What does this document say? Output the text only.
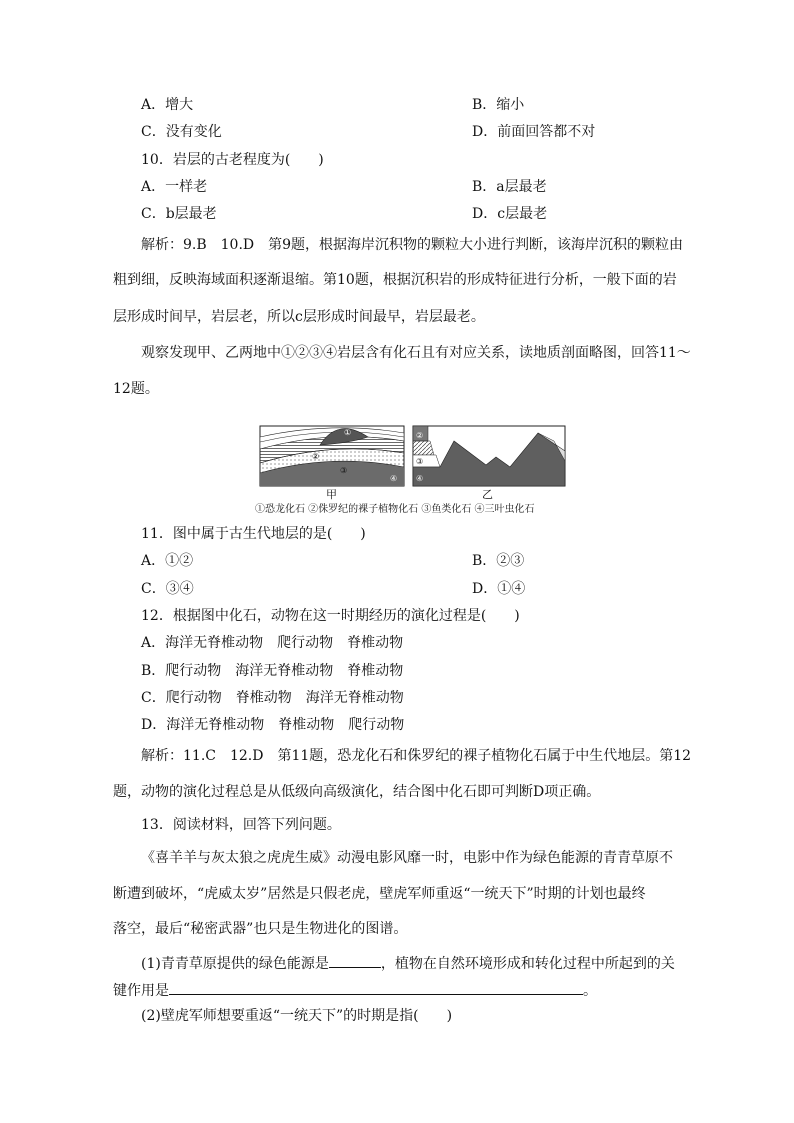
A．增大	B．缩小
C．没有变化	D．前面回答都不对
10．岩层的古老程度为(　　)
A．一样老	B．a层最老
C．b层最老	D．c层最老
解析：9.B　10.D　第9题，根据海岸沉积物的颗粒大小进行判断，该海岸沉积的颗粒由
粗到细，反映海域面积逐渐退缩。第10题，根据沉积岩的形成特征进行分析，一般下面的岩
层形成时间早，岩层老，所以c层形成时间最早，岩层最老。
观察发现甲、乙两地中①②③④岩层含有化石且有对应关系，读地质剖面略图，回答11～
12题。
①
②
③
④
②
③
④
甲	乙
①恐龙化石 ②侏罗纪的裸子植物化石 ③鱼类化石 ④三叶虫化石
11．图中属于古生代地层的是(　　)
A．①②	B．②③
C．③④	D．①④
12．根据图中化石，动物在这一时期经历的演化过程是(　　)
A．海洋无脊椎动物　爬行动物　脊椎动物
B．爬行动物　海洋无脊椎动物　脊椎动物
C．爬行动物　脊椎动物　海洋无脊椎动物
D．海洋无脊椎动物　脊椎动物　爬行动物
解析：11.C　12.D　第11题，恐龙化石和侏罗纪的裸子植物化石属于中生代地层。第12
题，动物的演化过程总是从低级向高级演化，结合图中化石即可判断D项正确。
13．阅读材料，回答下列问题。
《喜羊羊与灰太狼之虎虎生威》动漫电影风靡一时，电影中作为绿色能源的青青草原不
断遭到破坏，“虎威太岁”居然是只假老虎，壁虎军师重返“一统天下”时期的计划也最终
落空，最后“秘密武器”也只是生物进化的图谱。
(1)青青草原提供的绿色能源是	，植物在自然环境形成和转化过程中所起到的关
键作用是	。
(2)壁虎军师想要重返“一统天下”的时期是指(　　)
